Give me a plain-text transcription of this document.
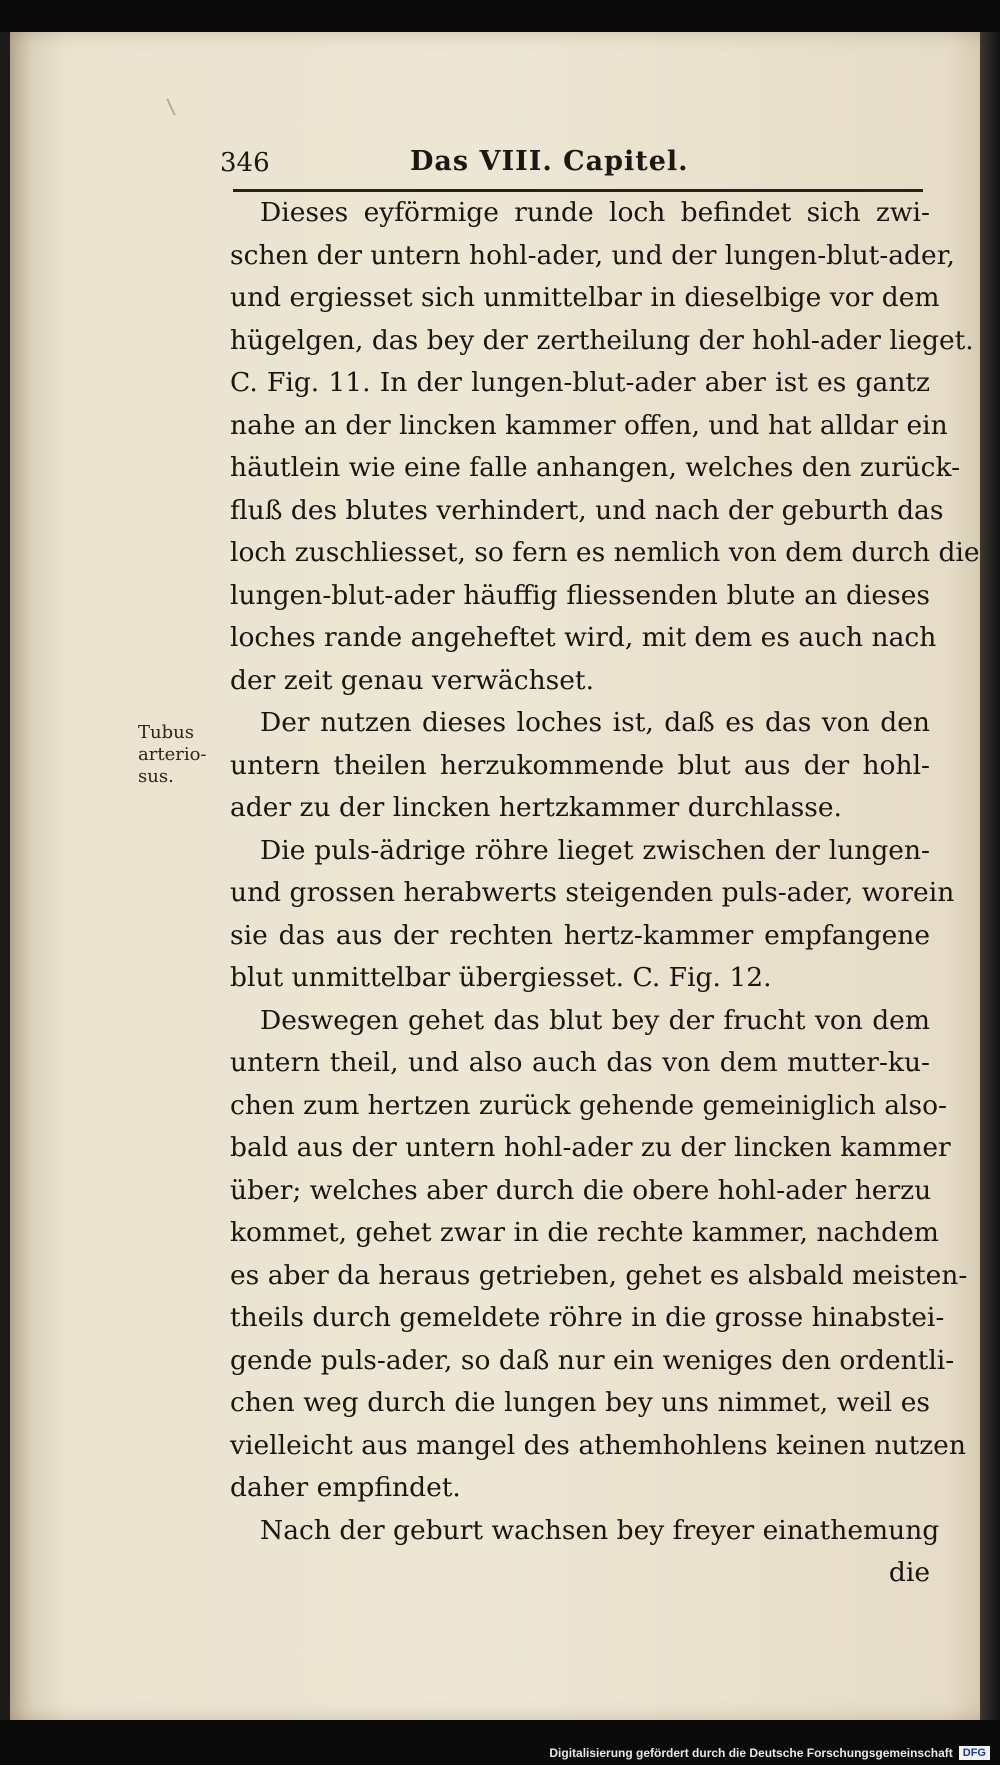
346	Das VIII. Capitel.
Tubus
arterio-
sus.
Dieses eyförmige runde loch befindet sich zwi-
schen der untern hohl-ader, und der lungen-blut-ader,
und ergiesset sich unmittelbar in dieselbige vor dem
hügelgen, das bey der zertheilung der hohl-ader lieget.
C. Fig. 11. In der lungen-blut-ader aber ist es gantz
nahe an der lincken kammer offen, und hat alldar ein
häutlein wie eine falle anhangen, welches den zurück-
fluß des blutes verhindert, und nach der geburth das
loch zuschliesset, so fern es nemlich von dem durch die
lungen-blut-ader häuffig fliessenden blute an dieses
loches rande angeheftet wird, mit dem es auch nach
der zeit genau verwächset.
Der nutzen dieses loches ist, daß es das von den
untern theilen herzukommende blut aus der hohl-
ader zu der lincken hertzkammer durchlasse.
Die puls-ädrige röhre lieget zwischen der lungen-
und grossen herabwerts steigenden puls-ader, worein
sie das aus der rechten hertz-kammer empfangene
blut unmittelbar übergiesset. C. Fig. 12.
Deswegen gehet das blut bey der frucht von dem
untern theil, und also auch das von dem mutter-ku-
chen zum hertzen zurück gehende gemeiniglich also-
bald aus der untern hohl-ader zu der lincken kammer
über; welches aber durch die obere hohl-ader herzu
kommet, gehet zwar in die rechte kammer, nachdem
es aber da heraus getrieben, gehet es alsbald meisten-
theils durch gemeldete röhre in die grosse hinabstei-
gende puls-ader, so daß nur ein weniges den ordentli-
chen weg durch die lungen bey uns nimmet, weil es
vielleicht aus mangel des athemhohlens keinen nutzen
daher empfindet.
Nach der geburt wachsen bey freyer einathemung
die
Digitalisierung gefördert durch die Deutsche Forschungsgemeinschaft DFG
